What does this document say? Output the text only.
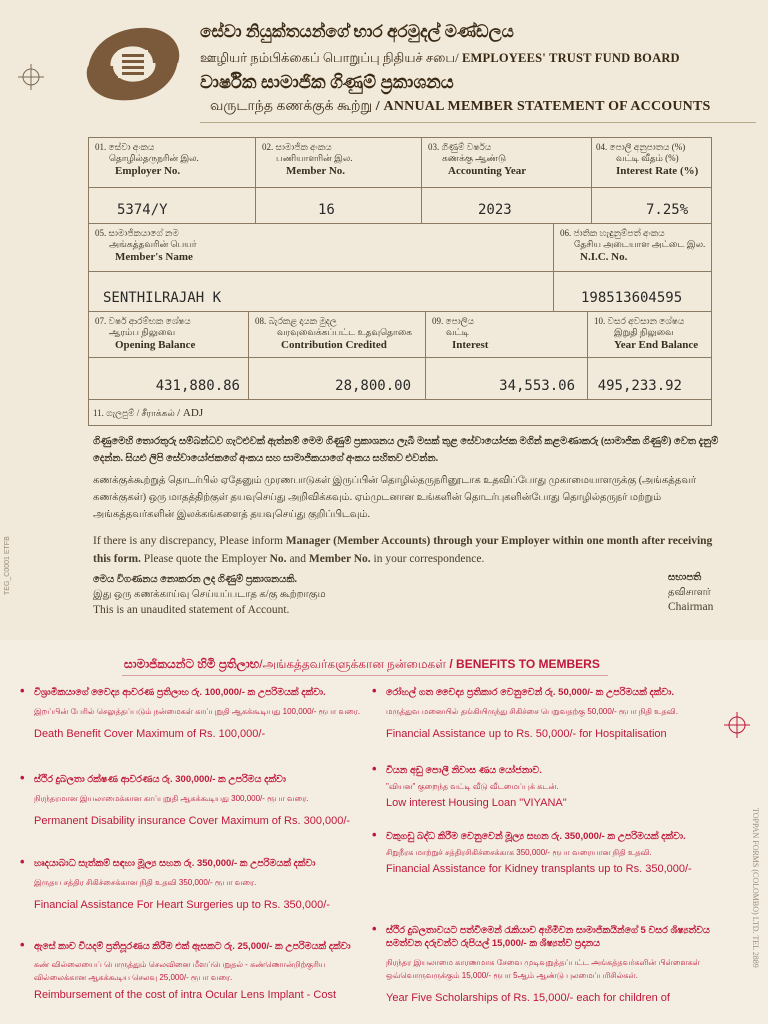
සේවා නියුක්තයන්ගේ භාර අරමුදල් මණ්ඩලය
ஊழியர் நம்பிக்கைப் பொறுப்பு நிதியச் சபை/ EMPLOYEES' TRUST FUND BOARD
වාර්ෂික සාමාජික ගිණුම් ප්‍රකාශනය
வருடாந்த கணக்குக் கூற்று / ANNUAL MEMBER STATEMENT OF ACCOUNTS
01. සේවා අංකය
தொழில்தருநரின் இல.
Employer No.
02. සාමාජික අංකය
பணியாளரின் இல.
Member No.
03. ගිණුම් වර්ෂය
கணக்கு ஆண்டு
Accounting Year
04. පොලී අනුපාතය (%)
வட்டி வீதம் (%)
Interest Rate (%)
5374/Y	16	2023	7.25%
05. සාමාජිකයාගේ නම
அங்கத்தவரின் பெயர்
Member's Name
06. ජාතික හැඳුනුම්පත් අංකය
தேசிய அடையாள அட்டை இல.
N.I.C. No.
SENTHILRAJAH K	198513604595
07. වර්ෂ ආරම්භක ශේෂය
ஆரம்ப நிலுவை
Opening Balance
08. බැරකළ දායක මුදල
வரவுவைக்கப்பட்ட உதவுதொகை
Contribution Credited
09. පොලිය
வட்டி
Interest
10. වසර අවසාන ශේෂය
இறுதி நிலுவை
Year End Balance
431,880.86	28,800.00	34,553.06 495,233.92
11. ගැලපුම් / சீராக்கல் / ADJ
ගිණුමෙහි තොරතුරු සම්බන්ධව ගැටළුවක් ඇත්නම් මෙම ගිණුම් ප්‍රකාශනය ලැබී මසක් තුළ සේවායෝජක මගින් කළමණාකරු (සාමාජික ගිණුම්) වෙත දැනුම් දෙන්න. සියළු ලිපි සේවායෝජකගේ අංකය සහ සාමාජිකයාගේ අංකය සහිතව එවන්න.
கணக்குக்கூற்றுத் தொடர்பில் ஏதேனும் முரணபாடுகள் இருப்பின் தொழில்தருநரினூடாக உதவிப்போது முகாமையாளருக்கு (அங்கத்தவர் கணக்குகள்) ஒரு மாதத்திற்குள் தயவுசெய்து அறிவிக்கவும். ஏம்முடனான உங்களின் தொடர்புகளின்போது தொழில்தருநர் மற்றும் அங்கத்தவர்களின் இலக்கங்களைத் தயவுசெய்து குறிப்பிடவும்.
If there is any discrepancy, Please inform Manager (Member Accounts) through your Employer within one month after receiving this form. Please quote the Employer No. and Member No. in your correspondence.
මෙය විගණනය නොකරන ලද ගිණුම් ප්‍රකාශනයකි.
இது ஒரு கணக்காய்வு செய்யப்படாத க/கு கூற்றாகும
This is an unaudited statement of Account.
සභාපති
தவிசாளர்
Chairman
TEG_C0001 ETFB
සාමාජිකයන්ට හිමි ප්‍රතිලාභ/அங்கத்தவர்களுக்கான நன்மைகள் / BENEFITS TO MEMBERS
• විශ්‍රාමිකයාගේ වෛද්‍ය ආවරණ ප්‍රතිලාභ රු. 100,000/- ක උපරිමයක් දක්වා.
இறப்பின் பேரில் செலுத்தப்படும் நன்மைகள் காப்புறுதி ஆகக்கூடியது 100,000/- ரூபா வரை.
Death Benefit Cover Maximum of Rs. 100,000/-
• ස්ථිර දුබලතා රක්ෂණ ආවරණය රු. 300,000/- ක උපරිමය දක්වා
நிரந்தரமான இயலாமைக்கான காப்புறுதி ஆகக்கூடியது 300,000/- ரூபா வரை.
Permanent Disability insurance Cover Maximum of Rs. 300,000/-
• හෘදයාබාධ සැත්කම් සඳහා මූල්‍ය සහන රු. 350,000/- ක උපරිමයක් දක්වා
இருதய சத்திர சிகிச்சைக்கான நிதி உதவி 350,000/- ரூபா வரை.
Financial Assistance For Heart Surgeries up to Rs. 350,000/-
• ඇසේ කාච වියදම් ප්‍රතිපූරණය කිරීම එක් ඇසකට රු. 25,000/- ක උපරිමයක් දක්වා
கண் வில்லையைப் பொருத்தும் செலவினை மீளப்பெறுதல் - கண்ணொன்றிற்குரிய வில்லைக்கான ஆகக்கூடிய செலவு 25,000/- ரூபா வரை.
Reimbursement of the cost of intra Ocular Lens Implant - Cost
• රෝහල් ගත වෛද්‍ය ප්‍රතිකාර වෙනුවෙන් රු. 50,000/- ක උපරිමයක් දක්වා.
மருத்துவ மனையில் தங்கியிருந்து சிகிச்சை பெறுவதற்கு 50,000/- ரூபா நிதி உதவி.
Financial Assistance up to Rs. 50,000/- for Hospitalisation
• වියන අඩු පොලී නිවාස ණය යෝජනාව.
"வியன" குறைந்த வட்டி வீடு வீடமைப்புக் கடன்.
Low interest Housing Loan "VIYANA"
• වකුගඩු බද්ධ කිරීම වෙනුවෙන් මූල්‍ය සහන රු. 350,000/- ක උපරිමයක් දක්වා.
சிறுநீரக மாற்றுச் சத்திரசிகிச்சைக்காக 350,000/- ரூபா வரையான நிதி உதவி.
Financial Assistance for Kidney transplants up to Rs. 350,000/-
• ස්ථිර දුබලතාවයට පත්වීමෙන් රැකියාව අහිමිවන සාමාජිකයින්ගේ 5 වසර ශිෂ්‍යත්වය සමත්වන දරුවන්ට රුපියල් 15,000/- ක ශිෂ්‍යත්ව ප්‍රදානය
நிரந்தர இயலாமை காரணமாக சேவை முடிவுறுத்தப்பட்ட அங்கத்தவர்களின் பிள்ளைகள் ஒவ்வொருவருக்கும் 15,000/- ரூபா 5ஆம் ஆண்டு புலமைப்பரிசில்கள்.
Year Five Scholarships of Rs. 15,000/- each for children of
TOPPAN FORMS (COLOMBO) LTD. TEL 2889
